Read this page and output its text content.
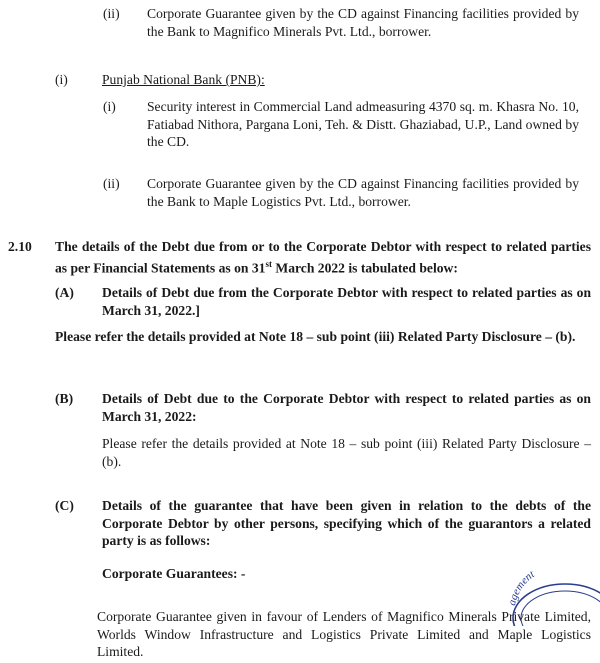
(ii) Corporate Guarantee given by the CD against Financing facilities provided by the Bank to Magnifico Minerals Pvt. Ltd., borrower.
(i)	Punjab National Bank (PNB):
(i) Security interest in Commercial Land admeasuring 4370 sq. m. Khasra No. 10, Fatiabad Nithora, Pargana Loni, Teh. & Distt. Ghaziabad, U.P., Land owned by the CD.
(ii) Corporate Guarantee given by the CD against Financing facilities provided by the Bank to Maple Logistics Pvt. Ltd., borrower.
2.10 The details of the Debt due from or to the Corporate Debtor with respect to related parties as per Financial Statements as on 31st March 2022 is tabulated below:
(A) Details of Debt due from the Corporate Debtor with respect to related parties as on March 31, 2022.]
Please refer the details provided at Note 18 – sub point (iii) Related Party Disclosure – (b).
(B) Details of Debt due to the Corporate Debtor with respect to related parties as on March 31, 2022:
Please refer the details provided at Note 18 – sub point (iii) Related Party Disclosure – (b).
(C) Details of the guarantee that have been given in relation to the debts of the Corporate Debtor by other persons, specifying which of the guarantors a related party is as follows:
Corporate Guarantees: -
Corporate Guarantee given in favour of Lenders of Magnifico Minerals Private Limited, Worlds Window Infrastructure and Logistics Private Limited and Maple Logistics Limited.
agement
